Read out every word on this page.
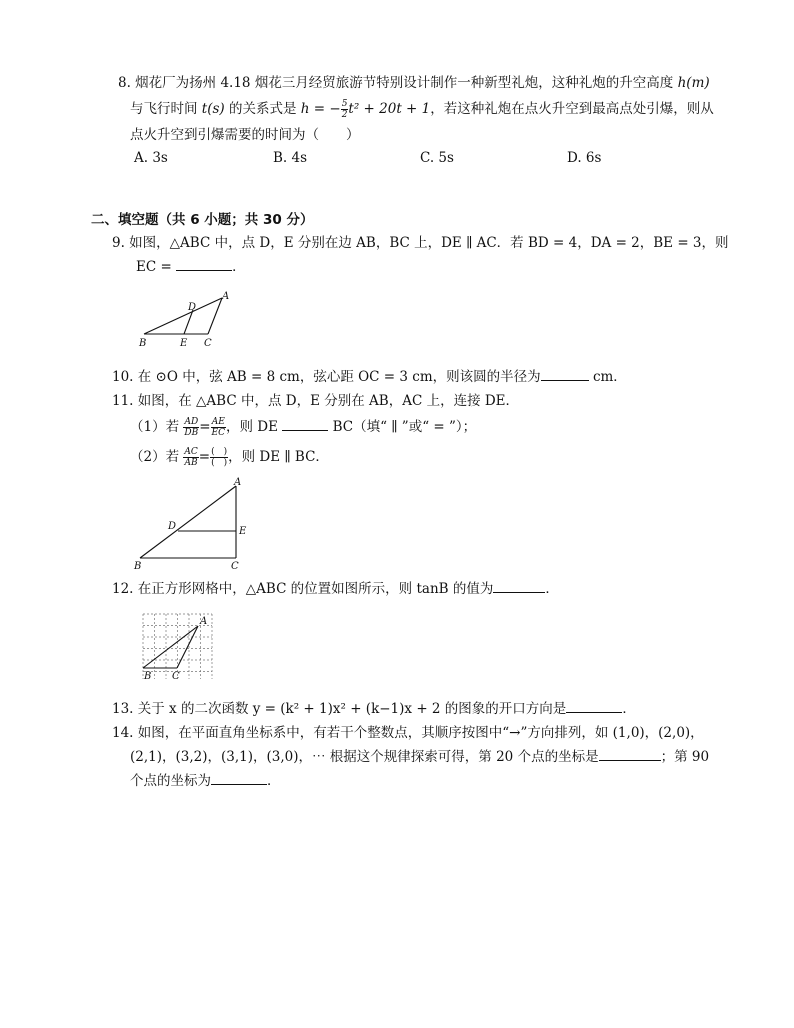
8. 烟花厂为扬州 4.18 烟花三月经贸旅游节特别设计制作一种新型礼炮，这种礼炮的升空高度 h(m)
与飞行时间 t(s) 的关系式是 h = − $\frac{5}{2} t^2 + 20t + 1$，若这种礼炮在点火升空到最高点处引爆，则从
点火升空到引爆需要的时间为（　　）
A. 3s	B. 4s	C. 5s	D. 6s
二、填空题（共 6 小题；共 30 分）
9. 如图，△ABC 中，点 D，E 分别在边 AB，BC 上，DE ∥ AC．若 BD = 4，DA = 2，BE = 3，则
EC =	．
A
D
B	E C
10. 在 ⊙O 中，弦 AB = 8 cm，弦心距 OC = 3 cm，则该圆的半径为	cm．
11. 如图，在 △ABC 中，点 D，E 分别在 AB，AC 上，连接 DE．
（1）若 $\frac{AD}{DB} = \frac{AE}{EC}$ ，则 DE	BC（填“ ∥ ”或“ = ”）；
（2）若 $\frac{AC}{AB} = \frac{( )}{( )}$ ，则 DE ∥ BC．
A
D	E
B	C
12. 在正方形网格中，△ABC 的位置如图所示，则 tanB 的值为	．
A
B C
13. 关于 x 的二次函数 y = (k² + 1)x² + (k−1)x + 2 的图象的开口方向是	．
14. 如图，在平面直角坐标系中，有若干个整数点，其顺序按图中“→”方向排列，如 (1,0)，(2,0)，
(2,1)，(3,2)，(3,1)，(3,0)，⋯ 根据这个规律探索可得，第 20 个点的坐标是	；第 90
个点的坐标为	．
